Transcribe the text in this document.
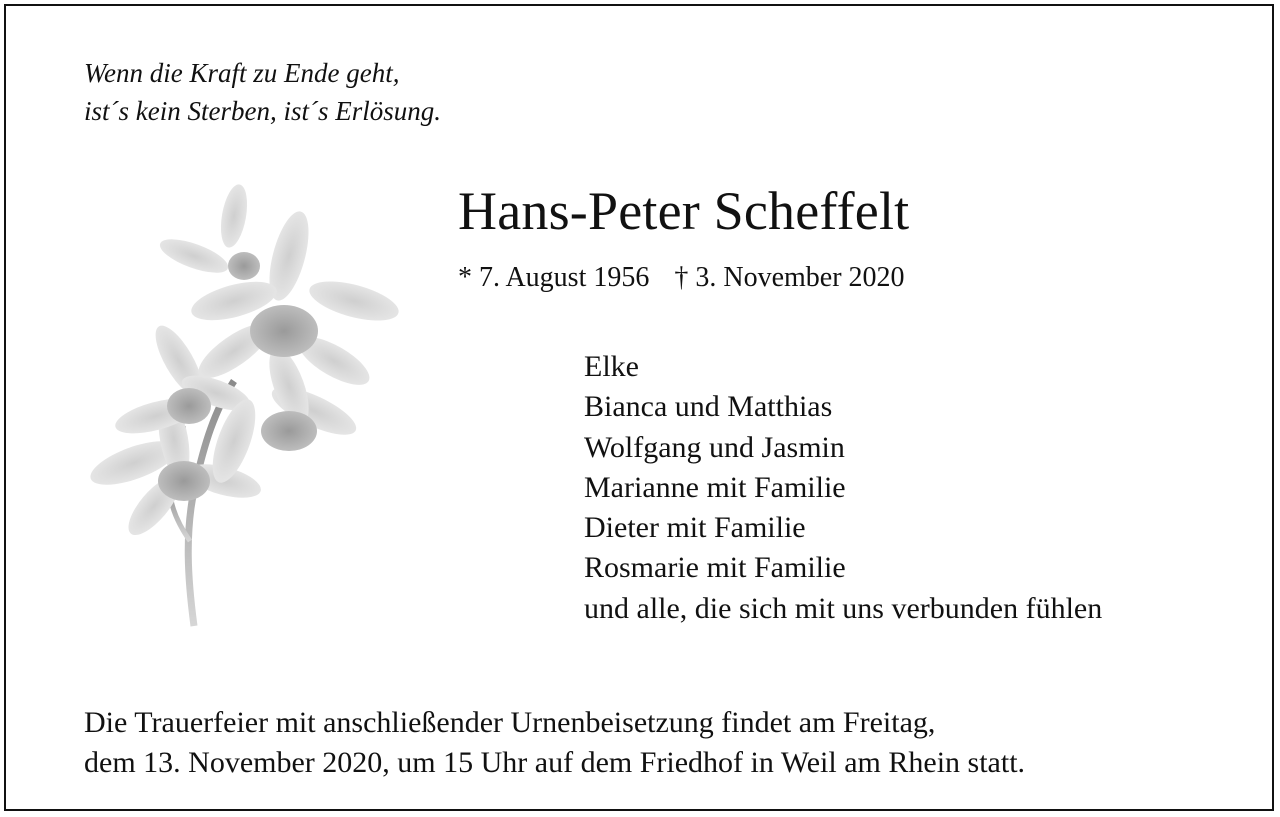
Wenn die Kraft zu Ende geht,
ist´s kein Sterben, ist´s Erlösung.

Hans-Peter Scheffelt
* 7. August 1956 † 3. November 2020
Elke
Bianca und Matthias
Wolfgang und Jasmin
Marianne mit Familie
Dieter mit Familie
Rosmarie mit Familie
und alle, die sich mit uns verbunden fühlen

Die Trauerfeier mit anschließender Urnenbeisetzung findet am Freitag,
dem 13. November 2020, um 15 Uhr auf dem Friedhof in Weil am Rhein statt.
